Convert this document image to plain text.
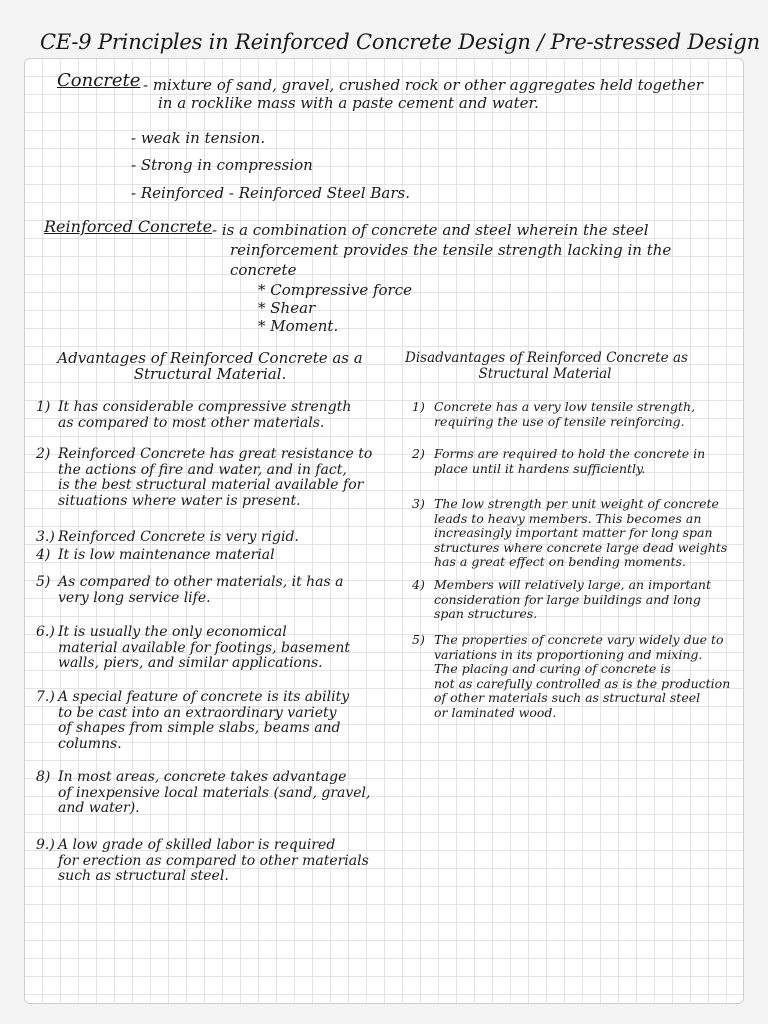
CE-9 Principles in Reinforced Concrete Design / Pre-stressed Design
Concrete - mixture of sand, gravel, crushed rock or other aggregates held together
in a rocklike mass with a paste cement and water.
- weak in tension.
- Strong in compression
- Reinforced - Reinforced Steel Bars.
Reinforced Concrete - is a combination of concrete and steel wherein the steel
reinforcement provides the tensile strength lacking in the
concrete
* Compressive force
* Shear
* Moment.
Advantages of Reinforced Concrete as a
Structural Material.
Disadvantages of Reinforced Concrete as
Structural Material
1) It has considerable compressive strength
as compared to most other materials.
2) Reinforced Concrete has great resistance to
the actions of fire and water, and in fact,
is the best structural material available for
situations where water is present.
3.) Reinforced Concrete is very rigid.
4) It is low maintenance material
5) As compared to other materials, it has a
very long service life.
6.) It is usually the only economical
material available for footings, basement
walls, piers, and similar applications.
7.) A special feature of concrete is its ability
to be cast into an extraordinary variety
of shapes from simple slabs, beams and
columns.
8) In most areas, concrete takes advantage
of inexpensive local materials (sand, gravel,
and water).
9.) A low grade of skilled labor is required
for erection as compared to other materials
such as structural steel.
1) Concrete has a very low tensile strength,
requiring the use of tensile reinforcing.
2) Forms are required to hold the concrete in
place until it hardens sufficiently.
3) The low strength per unit weight of concrete
leads to heavy members. This becomes an
increasingly important matter for long span
structures where concrete large dead weights
has a great effect on bending moments.
4) Members will relatively large, an important
consideration for large buildings and long
span structures.
5) The properties of concrete vary widely due to
variations in its proportioning and mixing.
The placing and curing of concrete is
not as carefully controlled as is the production
of other materials such as structural steel
or laminated wood.
